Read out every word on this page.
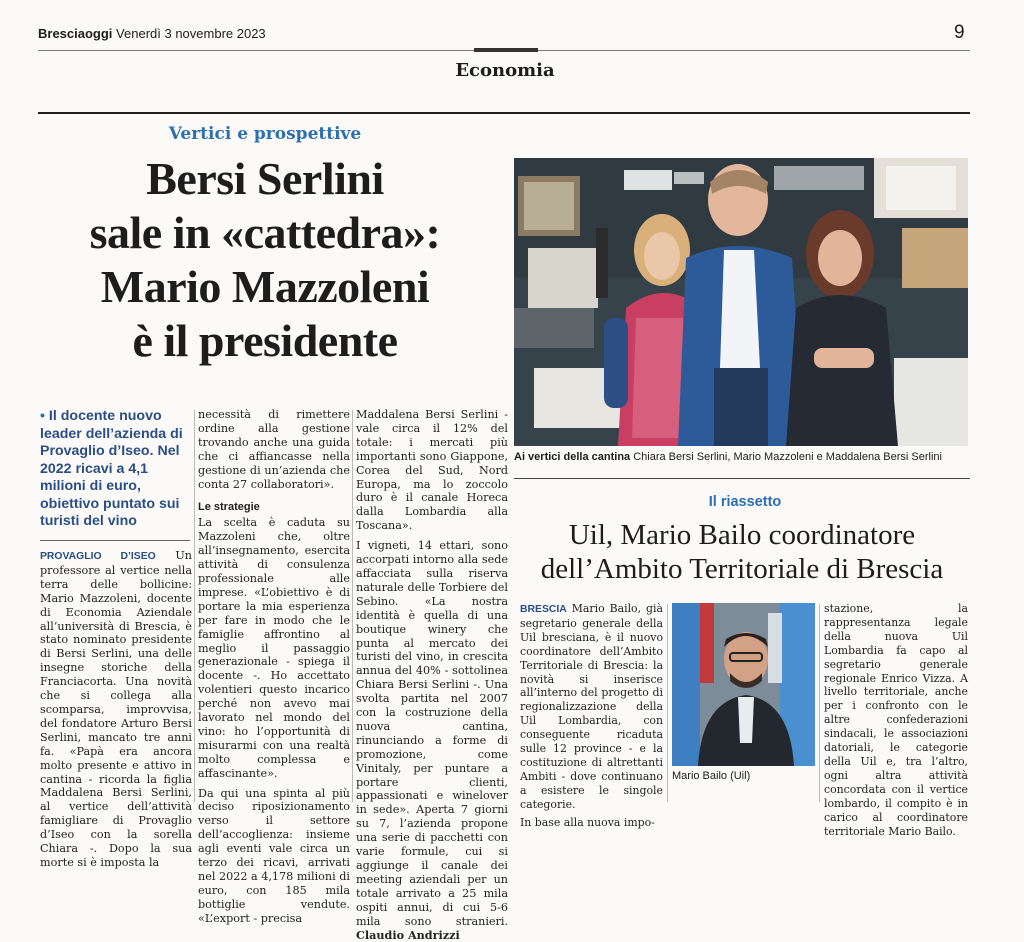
Bresciaoggi Venerdì 3 novembre 2023	9
Economia
Vertici e prospettive
Bersi Serlini
sale in «cattedra»:
Mario Mazzoleni
è il presidente
• Il docente nuovo leader dell’azienda di Provaglio d’Iseo. Nel 2022 ricavi a 4,1 milioni di euro, obiettivo puntato sui turisti del vino
PROVAGLIO D’ISEO Un professore al vertice nella terra delle bollicine: Mario Mazzoleni, docente di Economia Aziendale all’università di Brescia, è stato nominato presidente di Bersi Serlini, una delle insegne storiche della Franciacorta. Una novità che si collega alla scomparsa, improvvisa, del fondatore Arturo Bersi Serlini, mancato tre anni fa. «Papà era ancora molto presente e attivo in cantina - ricorda la figlia Maddalena Bersi Serlini, al vertice dell’attività famigliare di Provaglio d’Iseo con la sorella Chiara -. Dopo la sua morte si è imposta la
necessità di rimettere ordine alla gestione trovando anche una guida che ci affiancasse nella gestione di un’azienda che conta 27 collaboratori».
Le strategie
La scelta è caduta su Mazzoleni che, oltre all’insegnamento, esercita attività di consulenza professionale alle imprese. «L’obiettivo è di portare la mia esperienza per fare in modo che le famiglie affrontino al meglio il passaggio generazionale - spiega il docente -. Ho accettato volentieri questo incarico perché non avevo mai lavorato nel mondo del vino: ho l’opportunità di misurarmi con una realtà molto complessa e affascinante».
Da qui una spinta al più deciso riposizionamento verso il settore dell’accoglienza: insieme agli eventi vale circa un terzo dei ricavi, arrivati nel 2022 a 4,178 milioni di euro, con 185 mila bottiglie vendute. «L’export - precisa
Maddalena Bersi Serlini - vale circa il 12% del totale: i mercati più importanti sono Giappone, Corea del Sud, Nord Europa, ma lo zoccolo duro è il canale Horeca dalla Lombardia alla Toscana».
I vigneti, 14 ettari, sono accorpati intorno alla sede affacciata sulla riserva naturale delle Torbiere del Sebino. «La nostra identità è quella di una boutique winery che punta al mercato dei turisti del vino, in crescita annua del 40% - sottolinea Chiara Bersi Serlini -. Una svolta partita nel 2007 con la costruzione della nuova cantina, rinunciando a forme di promozione, come Vinitaly, per puntare a portare clienti, appassionati e winelover in sede». Aperta 7 giorni su 7, l’azienda propone una serie di pacchetti con varie formule, cui si aggiunge il canale dei meeting aziendali per un totale arrivato a 25 mila ospiti annui, di cui 5-6 mila sono stranieri. Claudio Andrizzi
Ai vertici della cantina Chiara Bersi Serlini, Mario Mazzoleni e Maddalena Bersi Serlini
Il riassetto
Uil, Mario Bailo coordinatore
dell’Ambito Territoriale di Brescia
BRESCIA Mario Bailo, già segretario generale della Uil bresciana, è il nuovo coordinatore dell’Ambito Territoriale di Brescia: la novità si inserisce all’interno del progetto di regionalizzazione della Uil Lombardia, con conseguente ricaduta sulle 12 province - e la costituzione di altrettanti Ambiti - dove continuano a esistere le singole categorie.
In base alla nuova impo-
Mario Bailo (Uil)
stazione, la rappresentanza legale della nuova Uil Lombardia fa capo al segretario generale regionale Enrico Vizza. A livello territoriale, anche per i confronto con le altre confederazioni sindacali, le associazioni datoriali, le categorie della Uil e, tra l’altro, ogni altra attività concordata con il vertice lombardo, il compito è in carico al coordinatore territoriale Mario Bailo.
